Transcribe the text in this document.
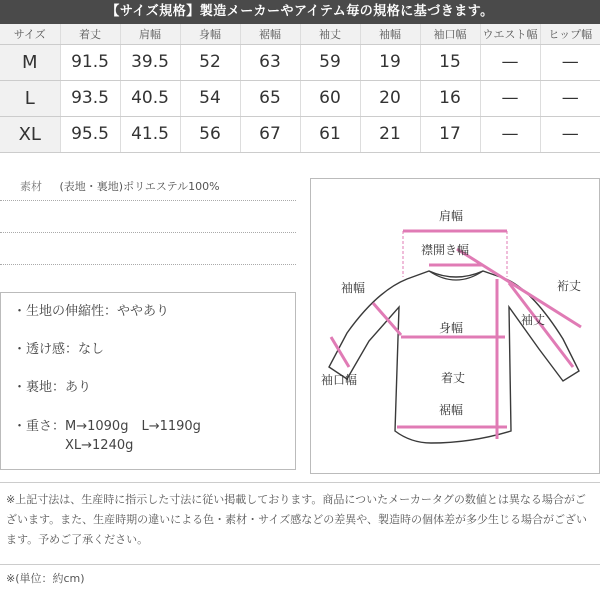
【サイズ規格】製造メーカーやアイテム毎の規格に基づきます。
サイズ	着丈	肩幅	身幅	裾幅	袖丈	袖幅	袖口幅	ウエスト幅	ヒップ幅
M	91.5	39.5	52	63	59	19	15	—	—
L	93.5	40.5	54	65	60	20	16	—	—
XL	95.5	41.5	56	67	61	21	17	—	—
素材 (表地・裏地)ポリエステル100%
・生地の伸縮性：ややあり
・透け感：なし
・裏地：あり
・重さ：M→1090g　L→1190g
XL→1240g
肩幅
襟開き幅
袖幅	裄丈
身幅
袖丈
袖口幅	着丈
裾幅
※上記寸法は、生産時に指示した寸法に従い掲載しております。商品についたメーカータグの数値とは異なる場合がございます。また、生産時期の違いによる色・素材・サイズ感などの差異や、製造時の個体差が多少生じる場合がございます。予めご了承ください。
※(単位：約cm)
